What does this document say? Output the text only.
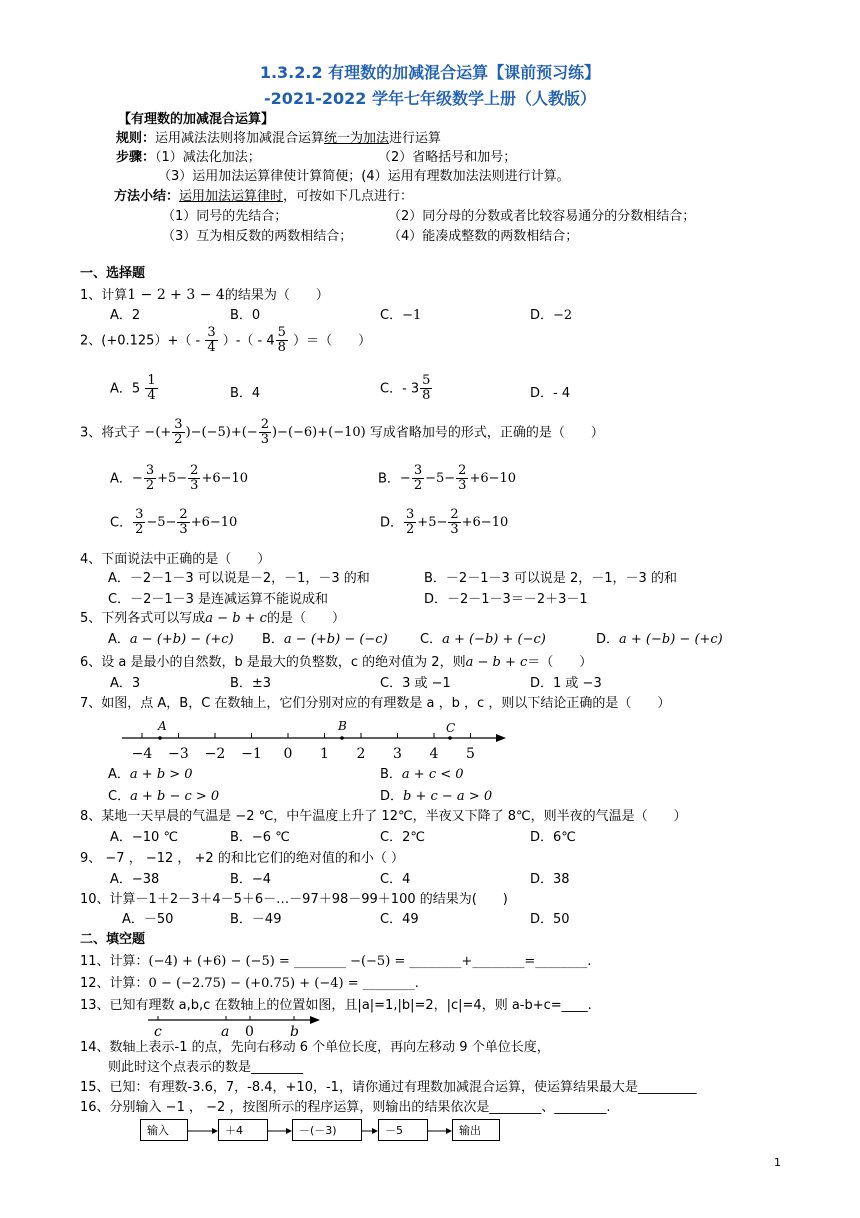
1.3.2.2 有理数的加减混合运算【课前预习练】
-2021-2022 学年七年级数学上册（人教版）
【有理数的加减混合运算】
规则：运用减法法则将加减混合运算统一为加法进行运算
步骤：（1）减法化加法；	（2）省略括号和加号；
（3）运用加法运算律使计算简便；(4）运用有理数加法法则进行计算。
方法小结：运用加法运算律时，可按如下几点进行：
（1）同号的先结合；	（2）同分母的分数或者比较容易通分的分数相结合；
（3）互为相反数的两数相结合；	（4）能凑成整数的两数相结合；
一、选择题
1、计算1 − 2 + 3 − 4的结果为（　　）
A．2	B．0	C．−1	D．−2
2、$(+0.125)+( - \frac{3}{4}$ ）-（ - $4 \frac{5}{8}$ ）＝（　　）
A．$5 \frac{1}{4}$	B．4	C．- $3 \frac{5}{8}$	D．- 4
3、将式子 −(+ $\frac{3}{2} )-(-5)+(- \frac{2}{3} )-(-6)+(-10)$ 写成省略加号的形式，正确的是（　　）
A．− $\frac{3}{2} +5- \frac{2}{3} +6-10$	B．− $\frac{3}{2} -5- \frac{2}{3} +6-10$
C． $\frac{3}{2} -5- \frac{2}{3} +6-10$	D． $\frac{3}{2} +5- \frac{2}{3} +6-10$
4、下面说法中正确的是（　　）
A．－2－1－3 可以说是－2，－1，－3 的和	B．－2－1－3 可以说是 2，－1，－3 的和
C．－2－1－3 是连减运算不能说成和	D．－2－1－3＝－2＋3－1
5、下列各式可以写成a − b + c的是（　　）
A．a − (+b) − (+c) B．a − (+b) − (−c) C．a + (−b) + (−c)	D．a + (−b) − (+c)
6、设 a 是最小的自然数，b 是最大的负整数，c 的绝对值为 2，则a − b + c＝（　　）
A．3	B．±3	C．3 或 −1	D．1 或 −3
7、如图，点 A，B，C 在数轴上，它们分别对应的有理数是 a ，b ，c ，则以下结论正确的是（　　）
−4 −3 −2 −1 0 1 2 3 4 5
A	B	C
A．a + b > 0	B．a + c < 0
C．a + b − c > 0	D．b + c − a > 0
8、某地一天早晨的气温是 −2 ℃，中午温度上升了 12℃，半夜又下降了 8℃，则半夜的气温是（　　）
A．−10 ℃	B．−6 ℃	C．2℃	D．6℃
9、 −7 ， −12 ， +2 的和比它们的绝对值的和小（ ）
A．−38	B．−4	C．4	D．38
10、计算－1＋2－3＋4－5＋6－…－97＋98－99＋100 的结果为(　　)
A．－50	B．－49	C．49	D．50
二、填空题
11、计算：(−4) + (+6) − (−5) = ________ −(−5) = ________+________=________.
12、计算：0 − (−2.75) − (+0.75) + (−4) = ________.
13、已知有理数 a,b,c 在数轴上的位置如图，且|a|=1,|b|=2，|c|=4，则 a-b+c=____.
c	a 0	b
14、数轴上表示-1 的点，先向右移动 6 个单位长度，再向左移动 9 个单位长度，
则此时这个点表示的数是________
15、已知：有理数-3.6，7，-8.4，+10，-1，请你通过有理数加减混合运算，使运算结果最大是_________
16、分别输入 −1 ， −2 ，按图所示的程序运算，则输出的结果依次是________、________.
输入	＋4	－(－3)	－5	输出
1
